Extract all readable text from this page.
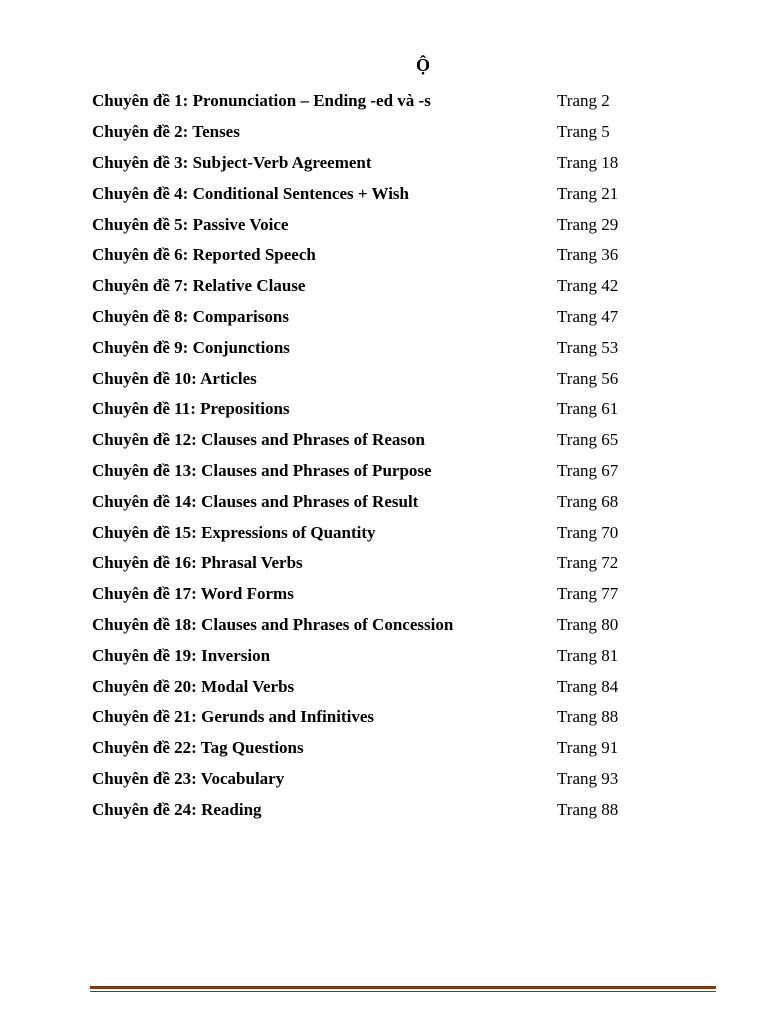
Ộ
Chuyên đề 1: Pronunciation – Ending -ed và -s	Trang 2
Chuyên đề 2: Tenses	Trang 5
Chuyên đề 3: Subject-Verb Agreement	Trang 18
Chuyên đề 4: Conditional Sentences + Wish	Trang 21
Chuyên đề 5: Passive Voice	Trang 29
Chuyên đề 6: Reported Speech	Trang 36
Chuyên đề 7: Relative Clause	Trang 42
Chuyên đề 8: Comparisons	Trang 47
Chuyên đề 9: Conjunctions	Trang 53
Chuyên đề 10: Articles	Trang 56
Chuyên đề 11: Prepositions	Trang 61
Chuyên đề 12: Clauses and Phrases of Reason	Trang 65
Chuyên đề 13: Clauses and Phrases of Purpose	Trang 67
Chuyên đề 14: Clauses and Phrases of Result	Trang 68
Chuyên đề 15: Expressions of Quantity	Trang 70
Chuyên đề 16: Phrasal Verbs	Trang 72
Chuyên đề 17: Word Forms	Trang 77
Chuyên đề 18: Clauses and Phrases of Concession	Trang 80
Chuyên đề 19: Inversion	Trang 81
Chuyên đề 20: Modal Verbs	Trang 84
Chuyên đề 21: Gerunds and Infinitives	Trang 88
Chuyên đề 22: Tag Questions	Trang 91
Chuyên đề 23: Vocabulary	Trang 93
Chuyên đề 24: Reading	Trang 88
